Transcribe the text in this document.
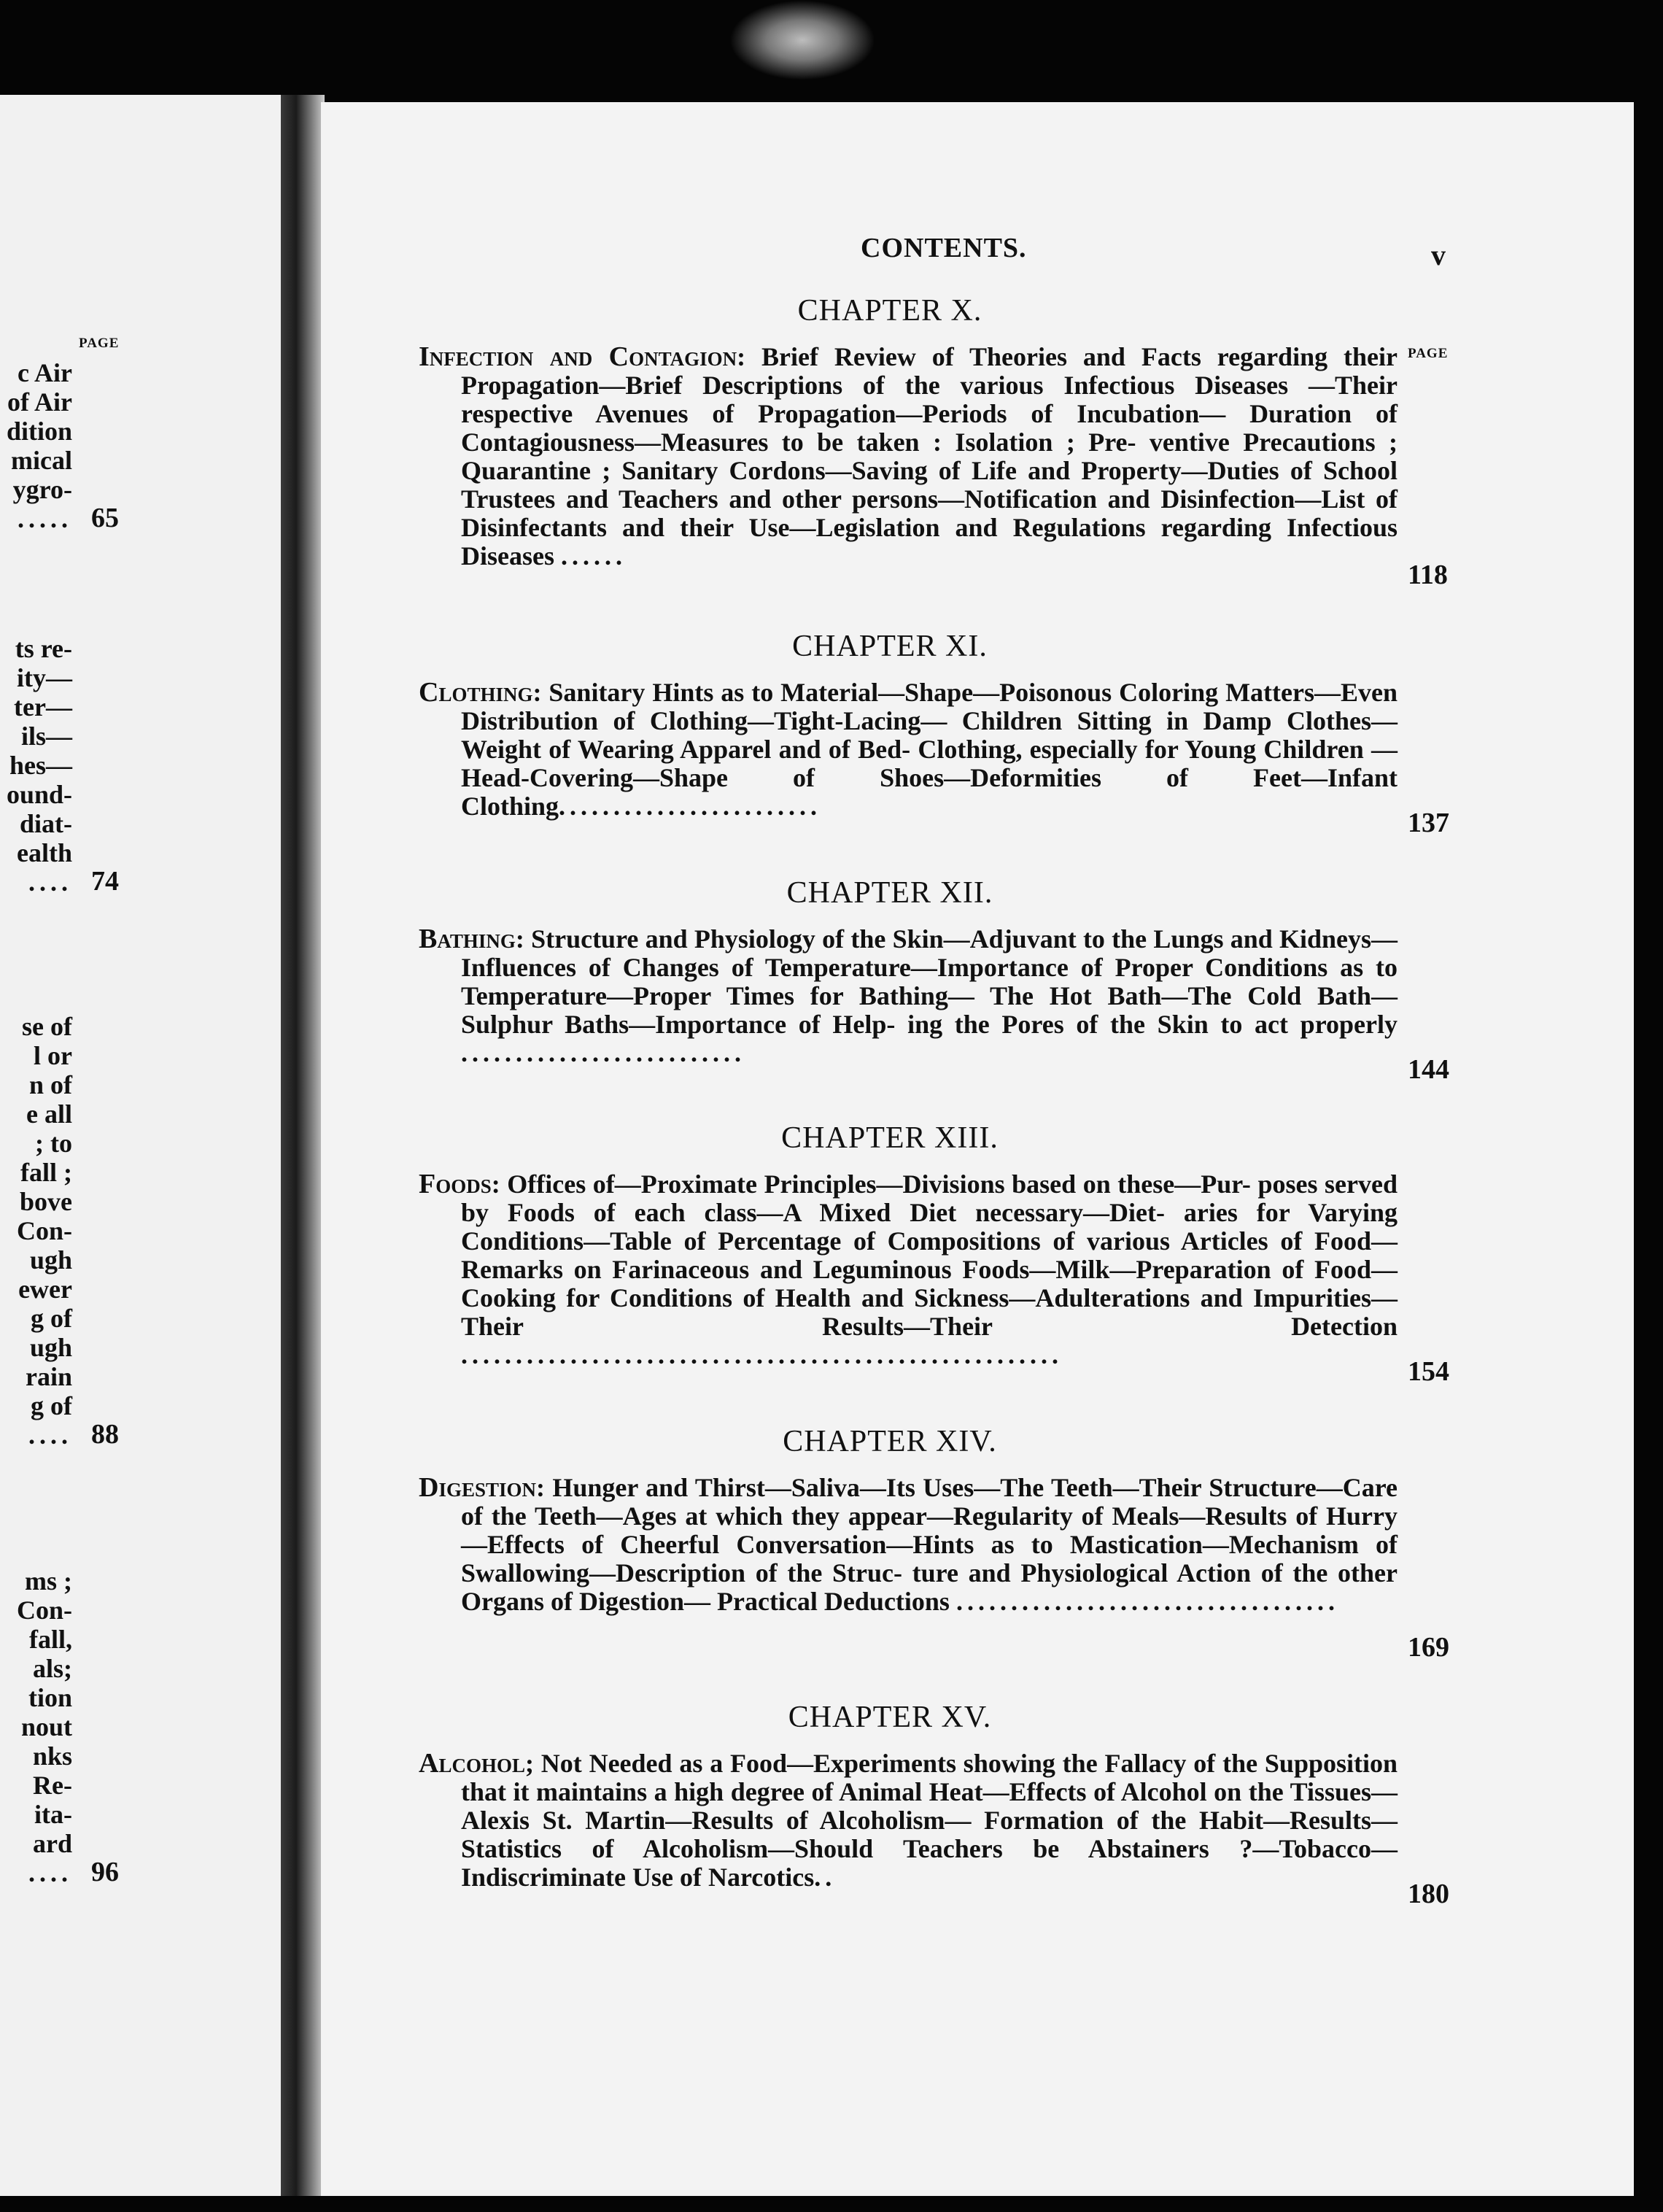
PAGE
c Air
of Air
dition
mical
ygro-
..... 65
ts re-
ity—
ter—
ils—
hes—
ound-
diat-
ealth
.... 74
se of
l or
n of
e all
; to
fall ;
bove
Con-
ugh
ewer
g of
ugh
rain
g of
.... 88
ms ;
Con-
fall,
als;
tion
nout
nks
Re-
ita-
ard
.... 96
CONTENTS.	v
PAGE
CHAPTER X.
Infection and Contagion: Brief Review of Theories and Facts regarding their Propagation—Brief Descriptions of the various Infectious Diseases —Their respective Avenues of Propagation—Periods of Incubation— Duration of Contagiousness—Measures to be taken : Isolation ; Pre- ventive Precautions ; Quarantine ; Sanitary Cordons—Saving of Life and Property—Duties of School Trustees and Teachers and other persons—Notification and Disinfection—List of Disinfectants and their Use—Legislation and Regulations regarding Infectious Diseases ......
118
CHAPTER XI.
Clothing: Sanitary Hints as to Material—Shape—Poisonous Coloring Matters—Even Distribution of Clothing—Tight-Lacing— Children Sitting in Damp Clothes—Weight of Wearing Apparel and of Bed- Clothing, especially for Young Children —Head-Covering—Shape of Shoes—Deformities of Feet—Infant Clothing........................
137
CHAPTER XII.
Bathing: Structure and Physiology of the Skin—Adjuvant to the Lungs and Kidneys—Influences of Changes of Temperature—Importance of Proper Conditions as to Temperature—Proper Times for Bathing— The Hot Bath—The Cold Bath—Sulphur Baths—Importance of Help- ing the Pores of the Skin to act properly ..........................
144
CHAPTER XIII.
Foods: Offices of—Proximate Principles—Divisions based on these—Pur- poses served by Foods of each class—A Mixed Diet necessary—Diet- aries for Varying Conditions—Table of Percentage of Compositions of various Articles of Food—Remarks on Farinaceous and Leguminous Foods—Milk—Preparation of Food—Cooking for Conditions of Health and Sickness—Adulterations and Impurities—Their Results—Their	Detection .......................................................
154
CHAPTER XIV.
Digestion: Hunger and Thirst—Saliva—Its Uses—The Teeth—Their Structure—Care of the Teeth—Ages at which they appear—Regularity of Meals—Results of Hurry—Effects of Cheerful Conversation—Hints as to Mastication—Mechanism of Swallowing—Description of the Struc- ture and Physiological Action of the other Organs of Digestion— Practical Deductions ...................................
169
CHAPTER XV.
Alcohol; Not Needed as a Food—Experiments showing the Fallacy of the Supposition that it maintains a high degree of Animal Heat—Effects of Alcohol on the Tissues—Alexis St. Martin—Results of Alcoholism— Formation of the Habit—Results—Statistics of Alcoholism—Should Teachers be Abstainers ?—Tobacco—Indiscriminate Use of Narcotics..
180
